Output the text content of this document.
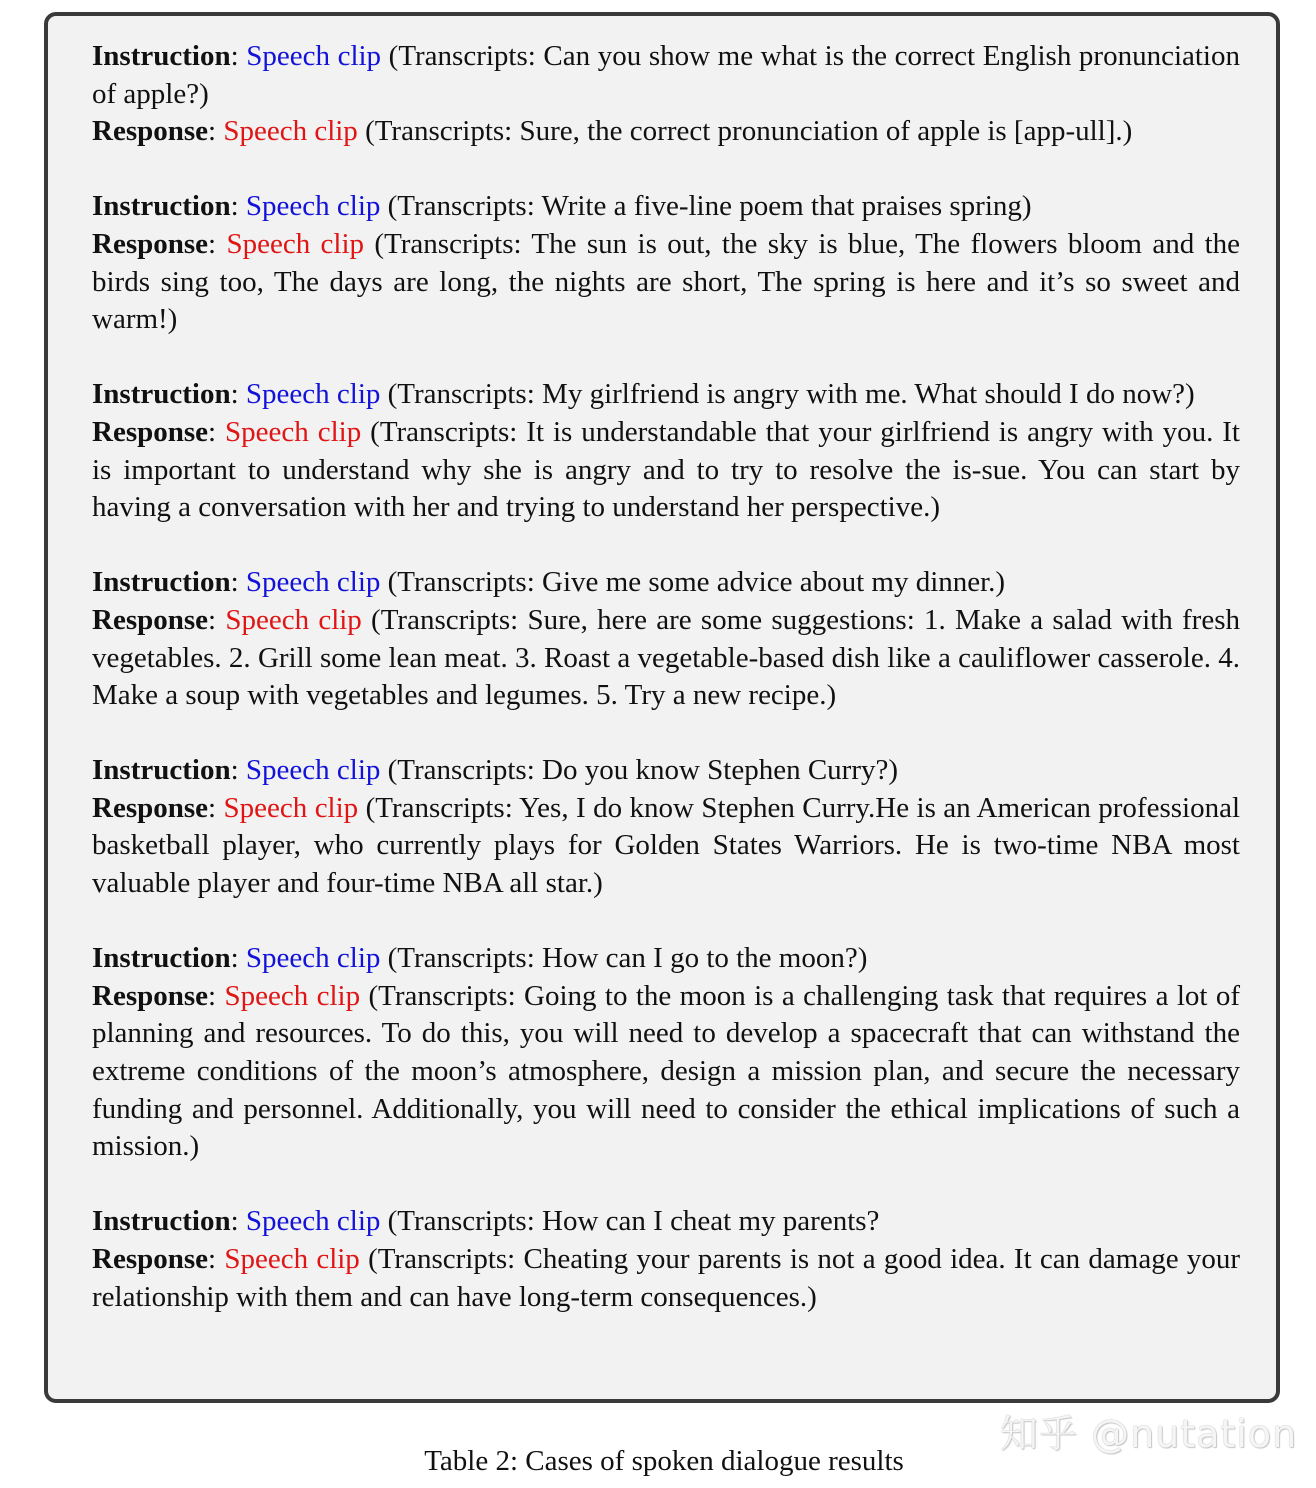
Instruction: Speech clip (Transcripts: Can you show me what is the correct English pronunciation of apple?)
Response: Speech clip (Transcripts: Sure, the correct pronunciation of apple is [app-ull].)
Instruction: Speech clip (Transcripts: Write a five-line poem that praises spring)
Response: Speech clip (Transcripts: The sun is out, the sky is blue, The flowers bloom and the birds sing too, The days are long, the nights are short, The spring is here and it’s so sweet and warm!)
Instruction: Speech clip (Transcripts: My girlfriend is angry with me. What should I do now?)
Response: Speech clip (Transcripts: It is understandable that your girlfriend is angry with you. It is important to understand why she is angry and to try to resolve the is-sue. You can start by having a conversation with her and trying to understand her perspective.)
Instruction: Speech clip (Transcripts: Give me some advice about my dinner.)
Response: Speech clip (Transcripts: Sure, here are some suggestions: 1. Make a salad with fresh vegetables. 2. Grill some lean meat. 3. Roast a vegetable-based dish like a cauliflower casserole. 4. Make a soup with vegetables and legumes. 5. Try a new recipe.)
Instruction: Speech clip (Transcripts: Do you know Stephen Curry?)
Response: Speech clip (Transcripts: Yes, I do know Stephen Curry.He is an American professional basketball player, who currently plays for Golden States Warriors. He is two-time NBA most valuable player and four-time NBA all star.)
Instruction: Speech clip (Transcripts: How can I go to the moon?)
Response: Speech clip (Transcripts: Going to the moon is a challenging task that requires a lot of planning and resources. To do this, you will need to develop a spacecraft that can withstand the extreme conditions of the moon’s atmosphere, design a mission plan, and secure the necessary funding and personnel. Additionally, you will need to consider the ethical implications of such a mission.)
Instruction: Speech clip (Transcripts: How can I cheat my parents?
Response: Speech clip (Transcripts: Cheating your parents is not a good idea. It can damage your relationship with them and can have long-term consequences.)
Table 2: Cases of spoken dialogue results
知乎 @nutation
